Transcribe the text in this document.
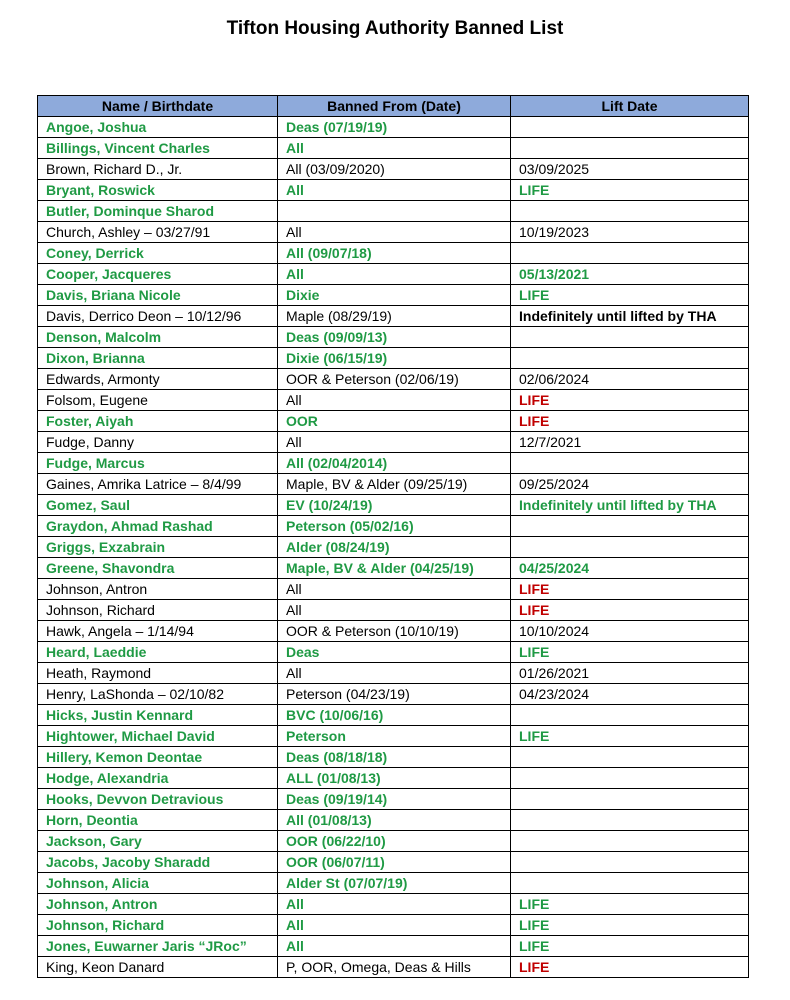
Tifton Housing Authority Banned List
Name / Birthdate	Banned From (Date)	Lift Date
Angoe, Joshua	Deas (07/19/19)	
Billings, Vincent Charles	All	
Brown, Richard D., Jr.	All (03/09/2020)	03/09/2025
Bryant, Roswick	All	LIFE
Butler, Dominque Sharod		
Church, Ashley – 03/27/91	All	10/19/2023
Coney, Derrick	All (09/07/18)	
Cooper, Jacqueres	All	05/13/2021
Davis, Briana Nicole	Dixie	LIFE
Davis, Derrico Deon – 10/12/96	Maple (08/29/19)	Indefinitely until lifted by THA
Denson, Malcolm	Deas (09/09/13)	
Dixon, Brianna	Dixie (06/15/19)	
Edwards, Armonty	OOR & Peterson (02/06/19)	02/06/2024
Folsom, Eugene	All	LIFE
Foster, Aiyah	OOR	LIFE
Fudge, Danny	All	12/7/2021
Fudge, Marcus	All (02/04/2014)	
Gaines, Amrika Latrice – 8/4/99	Maple, BV & Alder (09/25/19)	09/25/2024
Gomez, Saul	EV (10/24/19)	Indefinitely until lifted by THA
Graydon, Ahmad Rashad	Peterson (05/02/16)	
Griggs, Exzabrain	Alder (08/24/19)	
Greene, Shavondra	Maple, BV & Alder (04/25/19)	04/25/2024
Johnson, Antron	All	LIFE
Johnson, Richard	All	LIFE
Hawk, Angela – 1/14/94	OOR & Peterson (10/10/19)	10/10/2024
Heard, Laeddie	Deas	LIFE
Heath, Raymond	All	01/26/2021
Henry, LaShonda – 02/10/82	Peterson (04/23/19)	04/23/2024
Hicks, Justin Kennard	BVC (10/06/16)	
Hightower, Michael David	Peterson	LIFE
Hillery, Kemon Deontae	Deas (08/18/18)	
Hodge, Alexandria	ALL (01/08/13)	
Hooks, Devvon Detravious	Deas (09/19/14)	
Horn, Deontia	All (01/08/13)	
Jackson, Gary	OOR (06/22/10)	
Jacobs, Jacoby Sharadd	OOR (06/07/11)	
Johnson, Alicia	Alder St (07/07/19)	
Johnson, Antron	All	LIFE
Johnson, Richard	All	LIFE
Jones, Euwarner Jaris “JRoc”	All	LIFE
King, Keon Danard	P, OOR, Omega, Deas & Hills	LIFE
